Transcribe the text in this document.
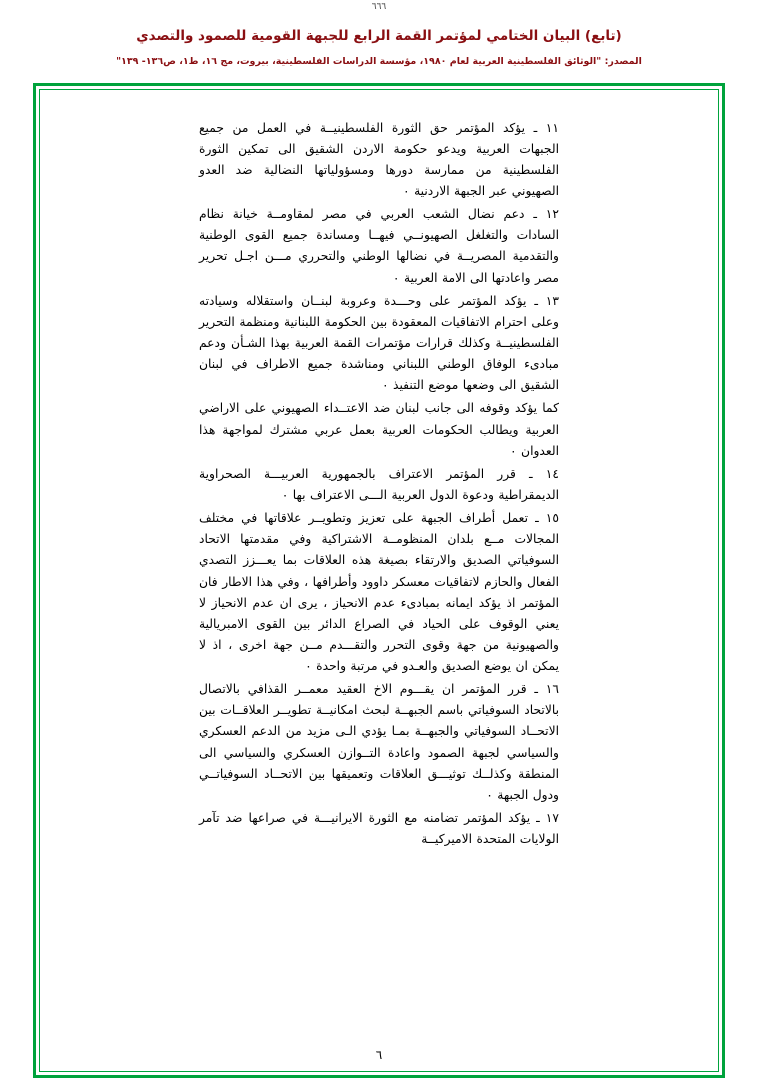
٦٦٦
(تابع) البيان الختامي لمؤتمر القمة الرابع للجبهة القومية للصمود والتصدي
المصدر: "الوثائق الفلسطينية العربية لعام ١٩٨٠، مؤسسة الدراسات الفلسطينية، بيروت، مج ١٦، ط١، ص١٣٦- ١٣٩"

١١ ـ يؤكد المؤتمر حق الثورة الفلسطينيــة في العمل من جميع الجبهات العربية ويدعو حكومة الاردن الشقيق الى تمكين الثورة الفلسطينية من ممارسة دورها ومسؤولياتها النضالية ضد العدو الصهيوني عبر الجبهة الاردنية ٠

١٢ ـ دعم نضال الشعب العربي في مصر لمقاومــة خيانة نظام السادات والتغلغل الصهيونــي فيهــا ومساندة جميع القوى الوطنية والتقدمية المصريــة في نضالها الوطني والتحرري مـــن اجـل تحرير مصر واعادتها الى الامة العربية ٠

١٣ ـ يؤكد المؤتمر على وحـــدة وعروبة لبنــان واستقلاله وسيادته وعلى احترام الاتفاقيات المعقودة بين الحكومة اللبنانية ومنظمة التحرير الفلسطينيــة وكذلك قرارات مؤتمرات القمة العربية بهذا الشـأن ودعم مبادىء الوفاق الوطني اللبناني ومناشدة جميع الاطراف في لبنان الشقيق الى وضعها موضع التنفيذ ٠

كما يؤكد وقوفه الى جانب لبنان ضد الاعتــداء الصهيوني على الاراضي العربية ويطالب الحكومات العربية بعمل عربي مشترك لمواجهة هذا العدوان ٠

١٤ ـ قرر المؤتمر الاعتراف بالجمهورية العربيـــة الصحراوية الديمقراطية ودعوة الدول العربية الـــى الاعتراف بها ٠

١٥ ـ تعمل أطراف الجبهة على تعزيز وتطويــر علاقاتها في مختلف المجالات مــع بلدان المنظومــة الاشتراكية وفي مقدمتها الاتحاد السوفياتي الصديق والارتقاء بصيغة هذه العلاقات بما يعـــزز التصدي الفعال والحازم لاتفاقيات معسكر داوود وأطرافها ، وفي هذا الاطار فان المؤتمر اذ يؤكد ايمانه بمبادىء عدم الانحياز ، يرى ان عدم الانحياز لا يعني الوقوف على الحياد في الصراع الدائر بين القوى الامبريالية والصهيونية من جهة وقوى التحرر والتقـــدم مــن جهة اخرى ، اذ لا يمكن ان يوضع الصديق والعـدو في مرتبة واحدة ٠

١٦ ـ قرر المؤتمر ان يقـــوم الاخ العقيد معمــر القذافي بالاتصال بالاتحاد السوفياتي باسم الجبهــة لبحث امكانيــة تطويــر العلاقــات بين الاتحــاد السوفياتي والجبهــة بمـا يؤدي الـى مزيد من الدعم العسكري والسياسي لجبهة الصمود واعادة التــوازن العسكري والسياسي الى المنطقة وكذلــك توثيـــق العلاقات وتعميقها بين الاتحــاد السوفياتــي ودول الجبهة ٠

١٧ ـ يؤكد المؤتمر تضامنه مع الثورة الايرانيـــة في صراعها ضد تآمر الولايات المتحدة الاميركيــة

٦
